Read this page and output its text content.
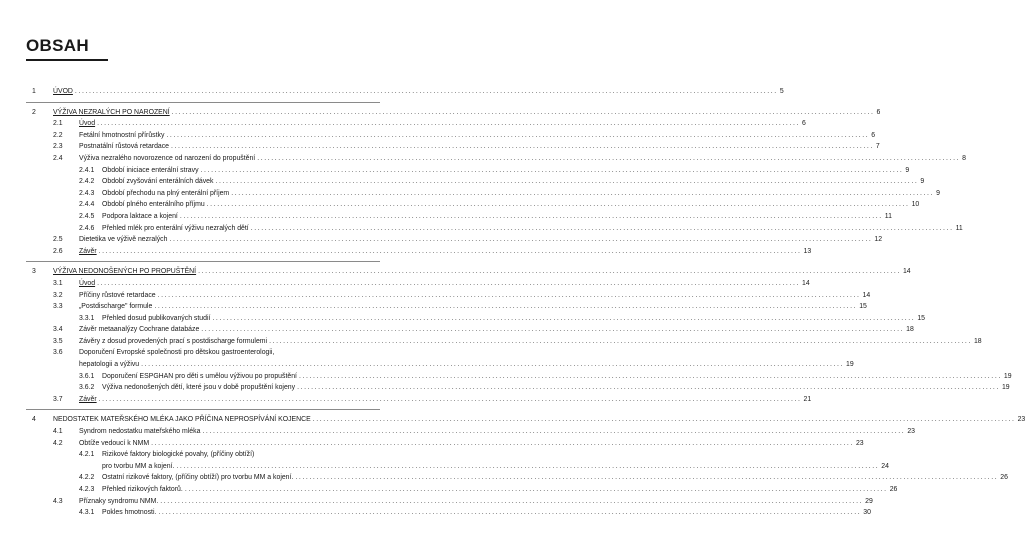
OBSAH
1 ÚVOD ........................................................................................................................................................................................................ 5
2 VÝŽIVA NEZRALÝCH PO NAROZENÍ ........................................................................................................................................................................................................ 6
2.1 Úvod ........................................................................................................................................................................................................ 6
2.2 Fetální hmotnostní přírůstky ........................................................................................................................................................................................................ 6
2.3 Postnatální růstová retardace ........................................................................................................................................................................................................ 7
2.4 Výživa nezralého novorozence od narození do propuštění ........................................................................................................................................................................................................ 8
2.4.1 Období iniciace enterální stravy ........................................................................................................................................................................................................ 9
2.4.2 Období zvyšování enterálních dávek ........................................................................................................................................................................................................ 9
2.4.3 Období přechodu na plný enterální příjem ........................................................................................................................................................................................................ 9
2.4.4 Období plného enterálního příjmu ........................................................................................................................................................................................................ 10
2.4.5 Podpora laktace a kojení ........................................................................................................................................................................................................ 11
2.4.6 Přehled mlék pro enterální výživu nezralých dětí ........................................................................................................................................................................................................ 11
2.5 Dietetika ve výživě nezralých ........................................................................................................................................................................................................ 12
2.6 Závěr ........................................................................................................................................................................................................ 13
3 VÝŽIVA NEDONOŠENÝCH PO PROPUŠTĚNÍ ........................................................................................................................................................................................................ 14
3.1 Úvod ........................................................................................................................................................................................................ 14
3.2 Příčiny růstové retardace ........................................................................................................................................................................................................ 14
3.3 „Postdischarge" formule ........................................................................................................................................................................................................ 15
3.3.1 Přehled dosud publikovaných studií ........................................................................................................................................................................................................ 15
3.4 Závěr metaanalýzy Cochrane databáze ........................................................................................................................................................................................................ 18
3.5 Závěry z dosud provedených prací s postdischarge formulemi ........................................................................................................................................................................................................ 18
3.6 Doporučení Evropské společnosti pro dětskou gastroenterologii,
hepatologii a výživu ........................................................................................................................................................................................................ 19
3.6.1 Doporučení ESPGHAN pro děti s umělou výživou po propuštění ........................................................................................................................................................................................................ 19
3.6.2 Výživa nedonošených dětí, které jsou v době propuštění kojeny ........................................................................................................................................................................................................ 19
3.7 Závěr ........................................................................................................................................................................................................ 21
4 NEDOSTATEK MATEŘSKÉHO MLÉKA JAKO PŘÍČINA NEPROSPÍVÁNÍ KOJENCE ........................................................................................................................................................................................................ 23
4.1 Syndrom nedostatku mateřského mléka ........................................................................................................................................................................................................ 23
4.2 Obtíže vedoucí k NMM ........................................................................................................................................................................................................ 23
4.2.1 Rizikové faktory biologické povahy, (příčiny obtíží)
pro tvorbu MM a kojení. ........................................................................................................................................................................................................ 24
4.2.2 Ostatní rizikové faktory, (příčiny obtíží) pro tvorbu MM a kojení. ........................................................................................................................................................................................................ 26
4.2.3 Přehled rizikových faktorů. ........................................................................................................................................................................................................ 26
4.3 Příznaky syndromu NMM. ........................................................................................................................................................................................................ 29
4.3.1 Pokles hmotnosti. ........................................................................................................................................................................................................ 30
